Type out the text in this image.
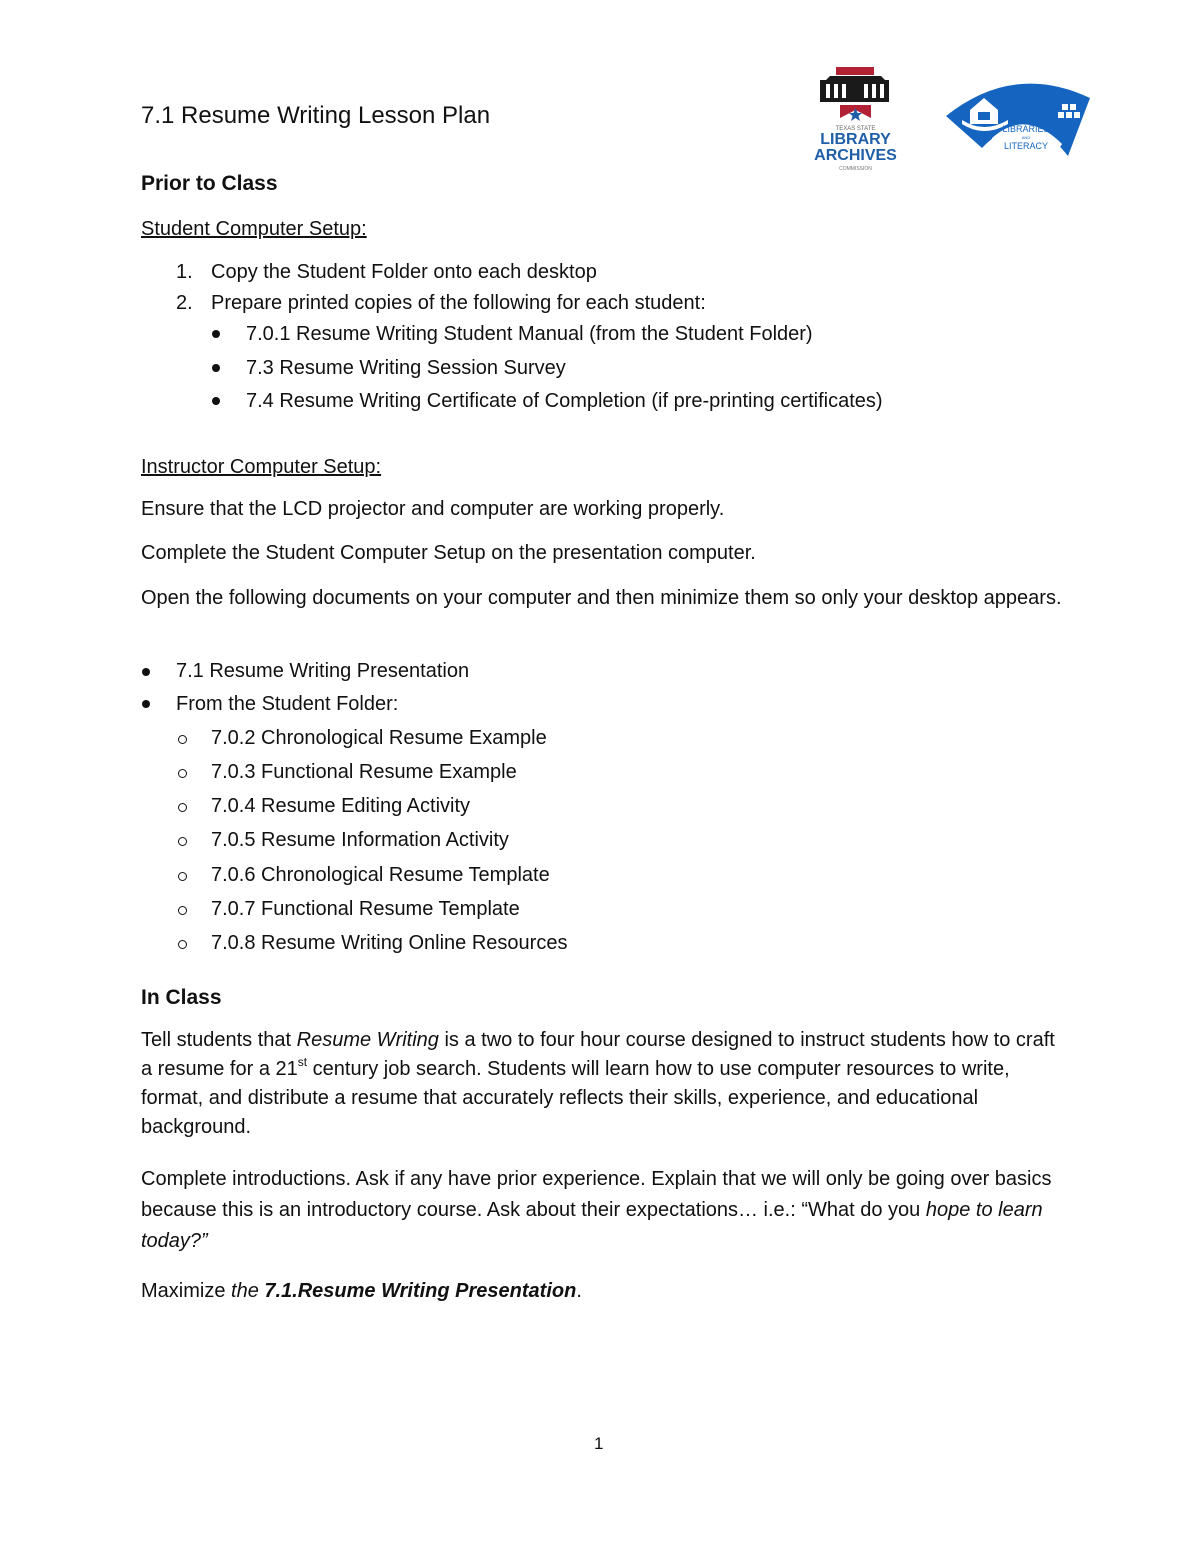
7.1 Resume Writing Lesson Plan	TEXAS STATE
LIBRARY
ARCHIVES
COMMISSION
LIBRARIES
AND
LITERACY
Prior to Class
Student Computer Setup:
1. Copy the Student Folder onto each desktop
2. Prepare printed copies of the following for each student:
7.0.1 Resume Writing Student Manual (from the Student Folder)
7.3 Resume Writing Session Survey
7.4 Resume Writing Certificate of Completion (if pre-printing certificates)
Instructor Computer Setup:
Ensure that the LCD projector and computer are working properly.
Complete the Student Computer Setup on the presentation computer.
Open the following documents on your computer and then minimize them so only your desktop appears.
7.1 Resume Writing Presentation
From the Student Folder:
7.0.2 Chronological Resume Example
7.0.3 Functional Resume Example
7.0.4 Resume Editing Activity
7.0.5 Resume Information Activity
7.0.6 Chronological Resume Template
7.0.7 Functional Resume Template
7.0.8 Resume Writing Online Resources
In Class
Tell students that Resume Writing is a two to four hour course designed to instruct students how to craft a resume for a 21st century job search. Students will learn how to use computer resources to write, format, and distribute a resume that accurately reflects their skills, experience, and educational background.
Complete introductions. Ask if any have prior experience. Explain that we will only be going over basics because this is an introductory course. Ask about their expectations… i.e.: “What do you hope to learn today?”
Maximize the 7.1.Resume Writing Presentation.
1
